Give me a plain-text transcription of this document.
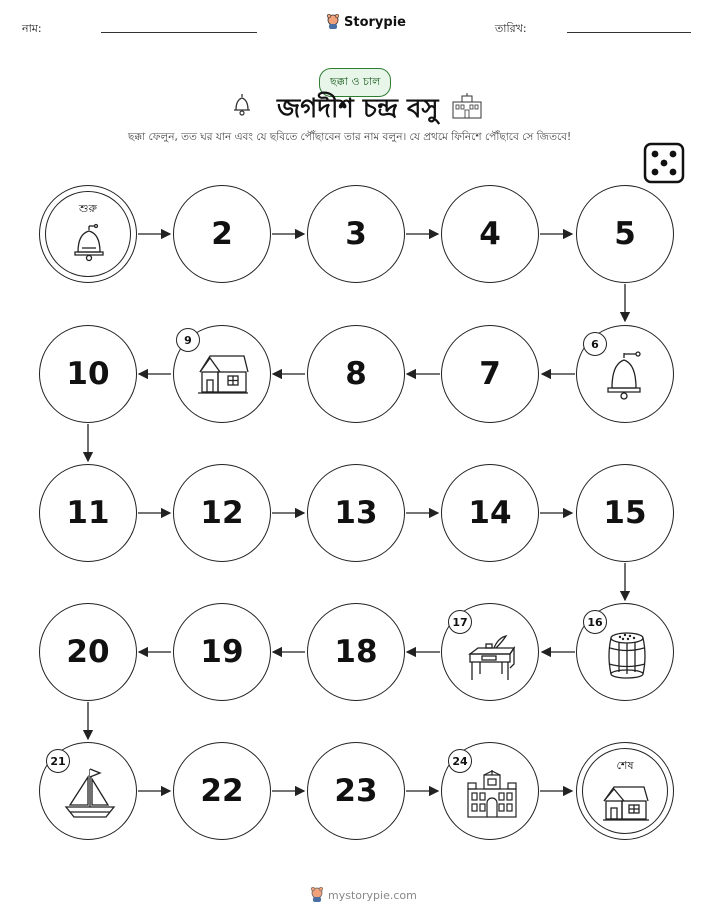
নাম:	Storypie	তারিখ:
ছক্কা ও চাল
জগদীশ চন্দ্র বসু
ছক্কা ফেলুন, তত ঘর যান এবং যে ছবিতে পৌঁছাবেন তার নাম বলুন। যে প্রথমে ফিনিশে পৌঁছাবে সে জিতবে!
শুরু
2	3	4	5
10
9
8	7
6
11	12	13	14	15
20	19	18
17	16
21
22	23
24	শেষ
mystorypie.com
